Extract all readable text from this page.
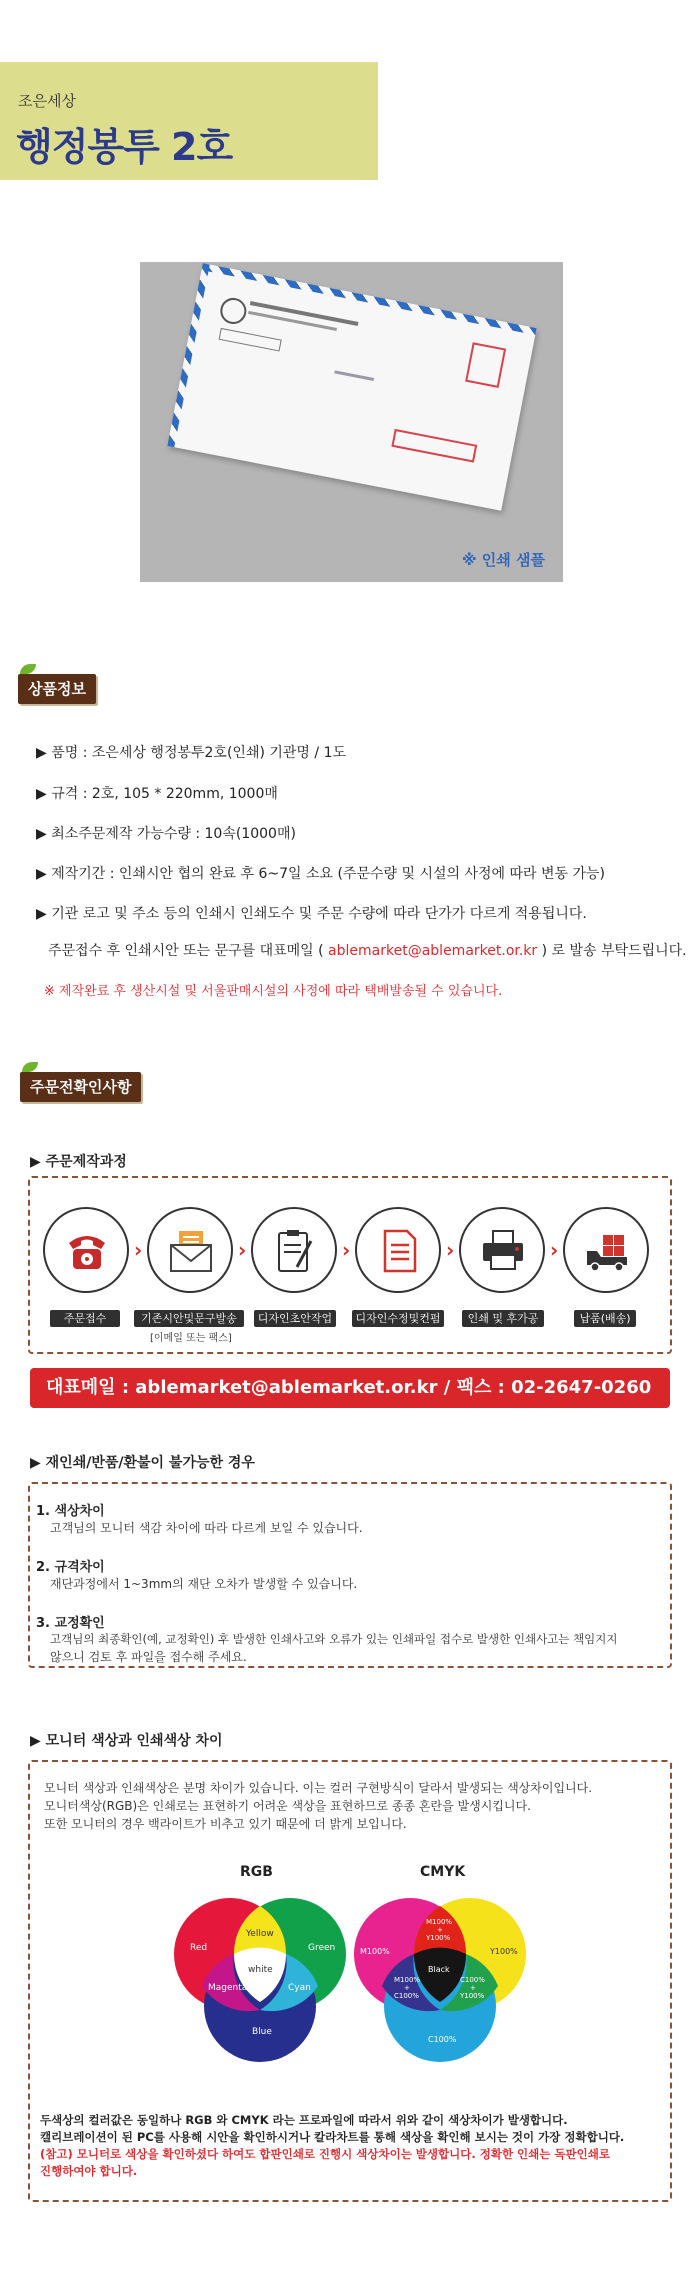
조은세상
행정봉투 2호
※ 인쇄 샘플
상품정보
▶ 품명 : 조은세상 행정봉투2호(인쇄) 기관명 / 1도
▶ 규격 : 2호, 105 * 220mm, 1000매
▶ 최소주문제작 가능수량 : 10속(1000매)
▶ 제작기간 : 인쇄시안 협의 완료 후 6~7일 소요 (주문수량 및 시설의 사정에 따라 변동 가능)
▶ 기관 로고 및 주소 등의 인쇄시 인쇄도수 및 주문 수량에 따라 단가가 다르게 적용됩니다.
주문접수 후 인쇄시안 또는 문구를 대표메일 ( ablemarket@ablemarket.or.kr ) 로 발송 부탁드립니다.
※ 제작완료 후 생산시설 및 서울판매시설의 사정에 따라 택배발송될 수 있습니다.
주문전확인사항
▶ 주문제작과정
›	›	›	›	›
주문접수	기존시안및문구발송
[이메일 또는 팩스]
디자인초안작업	디자인수정및컨펌	인쇄 및 후가공	납품(배송)
대표메일 : ablemarket@ablemarket.or.kr / 팩스 : 02-2647-0260
▶ 재인쇄/반품/환불이 불가능한 경우
1. 색상차이
고객님의 모니터 색감 차이에 따라 다르게 보일 수 있습니다.
2. 규격차이
재단과정에서 1~3mm의 재단 오차가 발생할 수 있습니다.
3. 교정확인
고객님의 최종확인(예, 교정확인) 후 발생한 인쇄사고와 오류가 있는 인쇄파일 접수로 발생한 인쇄사고는 책임지지
않으니 검토 후 파일을 접수해 주세요.
▶ 모니터 색상과 인쇄색상 차이
모니터 색상과 인쇄색상은 분명 차이가 있습니다. 이는 컬러 구현방식이 달라서 발생되는 색상차이입니다.
모니터색상(RGB)은 인쇄로는 표현하기 어려운 색상을 표현하므로 종종 혼란을 발생시킵니다.
또한 모니터의 경우 백라이트가 비추고 있기 때문에 더 밝게 보입니다.
RGB	CMYK
Red	Green
Yellow
white
Magenta	Cyan
Blue
M100%	Y100%
C100%
M100% + Y100%
Black
M100% + C100%
C100% + Y100%
두색상의 컬러값은 동일하나 RGB 와 CMYK 라는 프로파일에 따라서 위와 같이 색상차이가 발생합니다.
캘리브레이션이 된 PC를 사용해 시안을 확인하시거나 칼라차트를 통해 색상을 확인해 보시는 것이 가장 정확합니다.
(참고) 모니터로 색상을 확인하셨다 하여도 합판인쇄로 진행시 색상차이는 발생합니다. 정확한 인쇄는 독판인쇄로
진행하여야 합니다.
